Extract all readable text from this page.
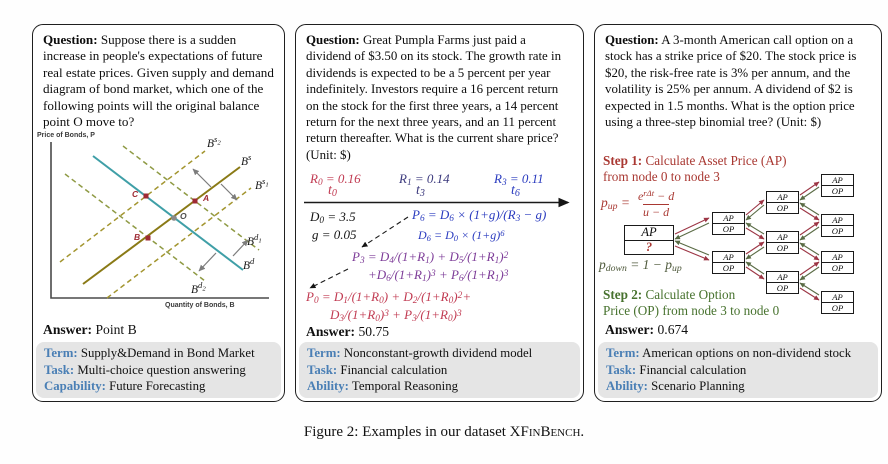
Question: Suppose there is a sudden increase in people's expectations of future real estate prices. Given supply and demand diagram of bond market, which one of the following points will the original balance point O move to?

Price of Bonds, P
Quantity of Bonds, B
$B^{s_2}$
$B^s$
$B^{s_1}$
$B^{d_1}$
$B^d$
$B^{d_2}$
A
C
B
O
Answer: Point B
Term: Supply&Demand in Bond Market
Task: Multi-choice question answering
Capability: Future Forecasting

Question: Great Pumpla Farms just paid a dividend of $3.50 on its stock. The growth rate in dividends is expected to be a 5 percent per year indefinitely. Investors require a 16 percent return on the stock for the first three years, a 14 percent return for the next three years, and an 11 percent return thereafter. What is the current share price? (Unit: $)

$R_0 = 0.16$	$R_1 = 0.14$	$R_3 = 0.11$
$t_0$	$t_3$	$t_6$
$D_0 = 3.5$
g = 0.05
$P_6 = D_6 \times (1+g)/(R_3 - g)$
$D_6 = D_0 \times (1+g)^6$
$P_3 = D_4/(1+R_1) + D_5/(1+R_1)^2$
$+D_6/(1+R_1)^3 + P_6/(1+R_1)^3$
$P_0 = D_1/(1+R_0) + D_2/(1+R_0)^2+$
$D_3/(1+R_0)^3 + P_3/(1+R_0)^3$
Answer: 50.75
Term: Nonconstant-growth dividend model
Task: Financial calculation
Ability: Temporal Reasoning

Question: A 3-month American call option on a stock has a strike price of $20. The stock price is $20, the risk-free rate is 3% per annum, and the volatility is 25% per annum. A dividend of $2 is expected in 1.5 months. What is the option price using a three-step binomial tree? (Unit: $)

Step 1: Calculate Asset Price (AP)
from node 0 to node 3
$p_{up} = \frac{e^{r\Delta t} - d}{u - d}$
$p_{down} = 1 - p_{up}$
AP
?
AP
OP
AP
OP
AP
OP
AP
OP
AP
OP
AP
OP
AP
OP
AP
OP
AP
OP
Step 2: Calculate Option
Price (OP) from node 3 to node 0
Answer: 0.674
Term: American options on non-dividend stock
Task: Financial calculation
Ability: Scenario Planning
Figure 2: Examples in our dataset XFinBench.
